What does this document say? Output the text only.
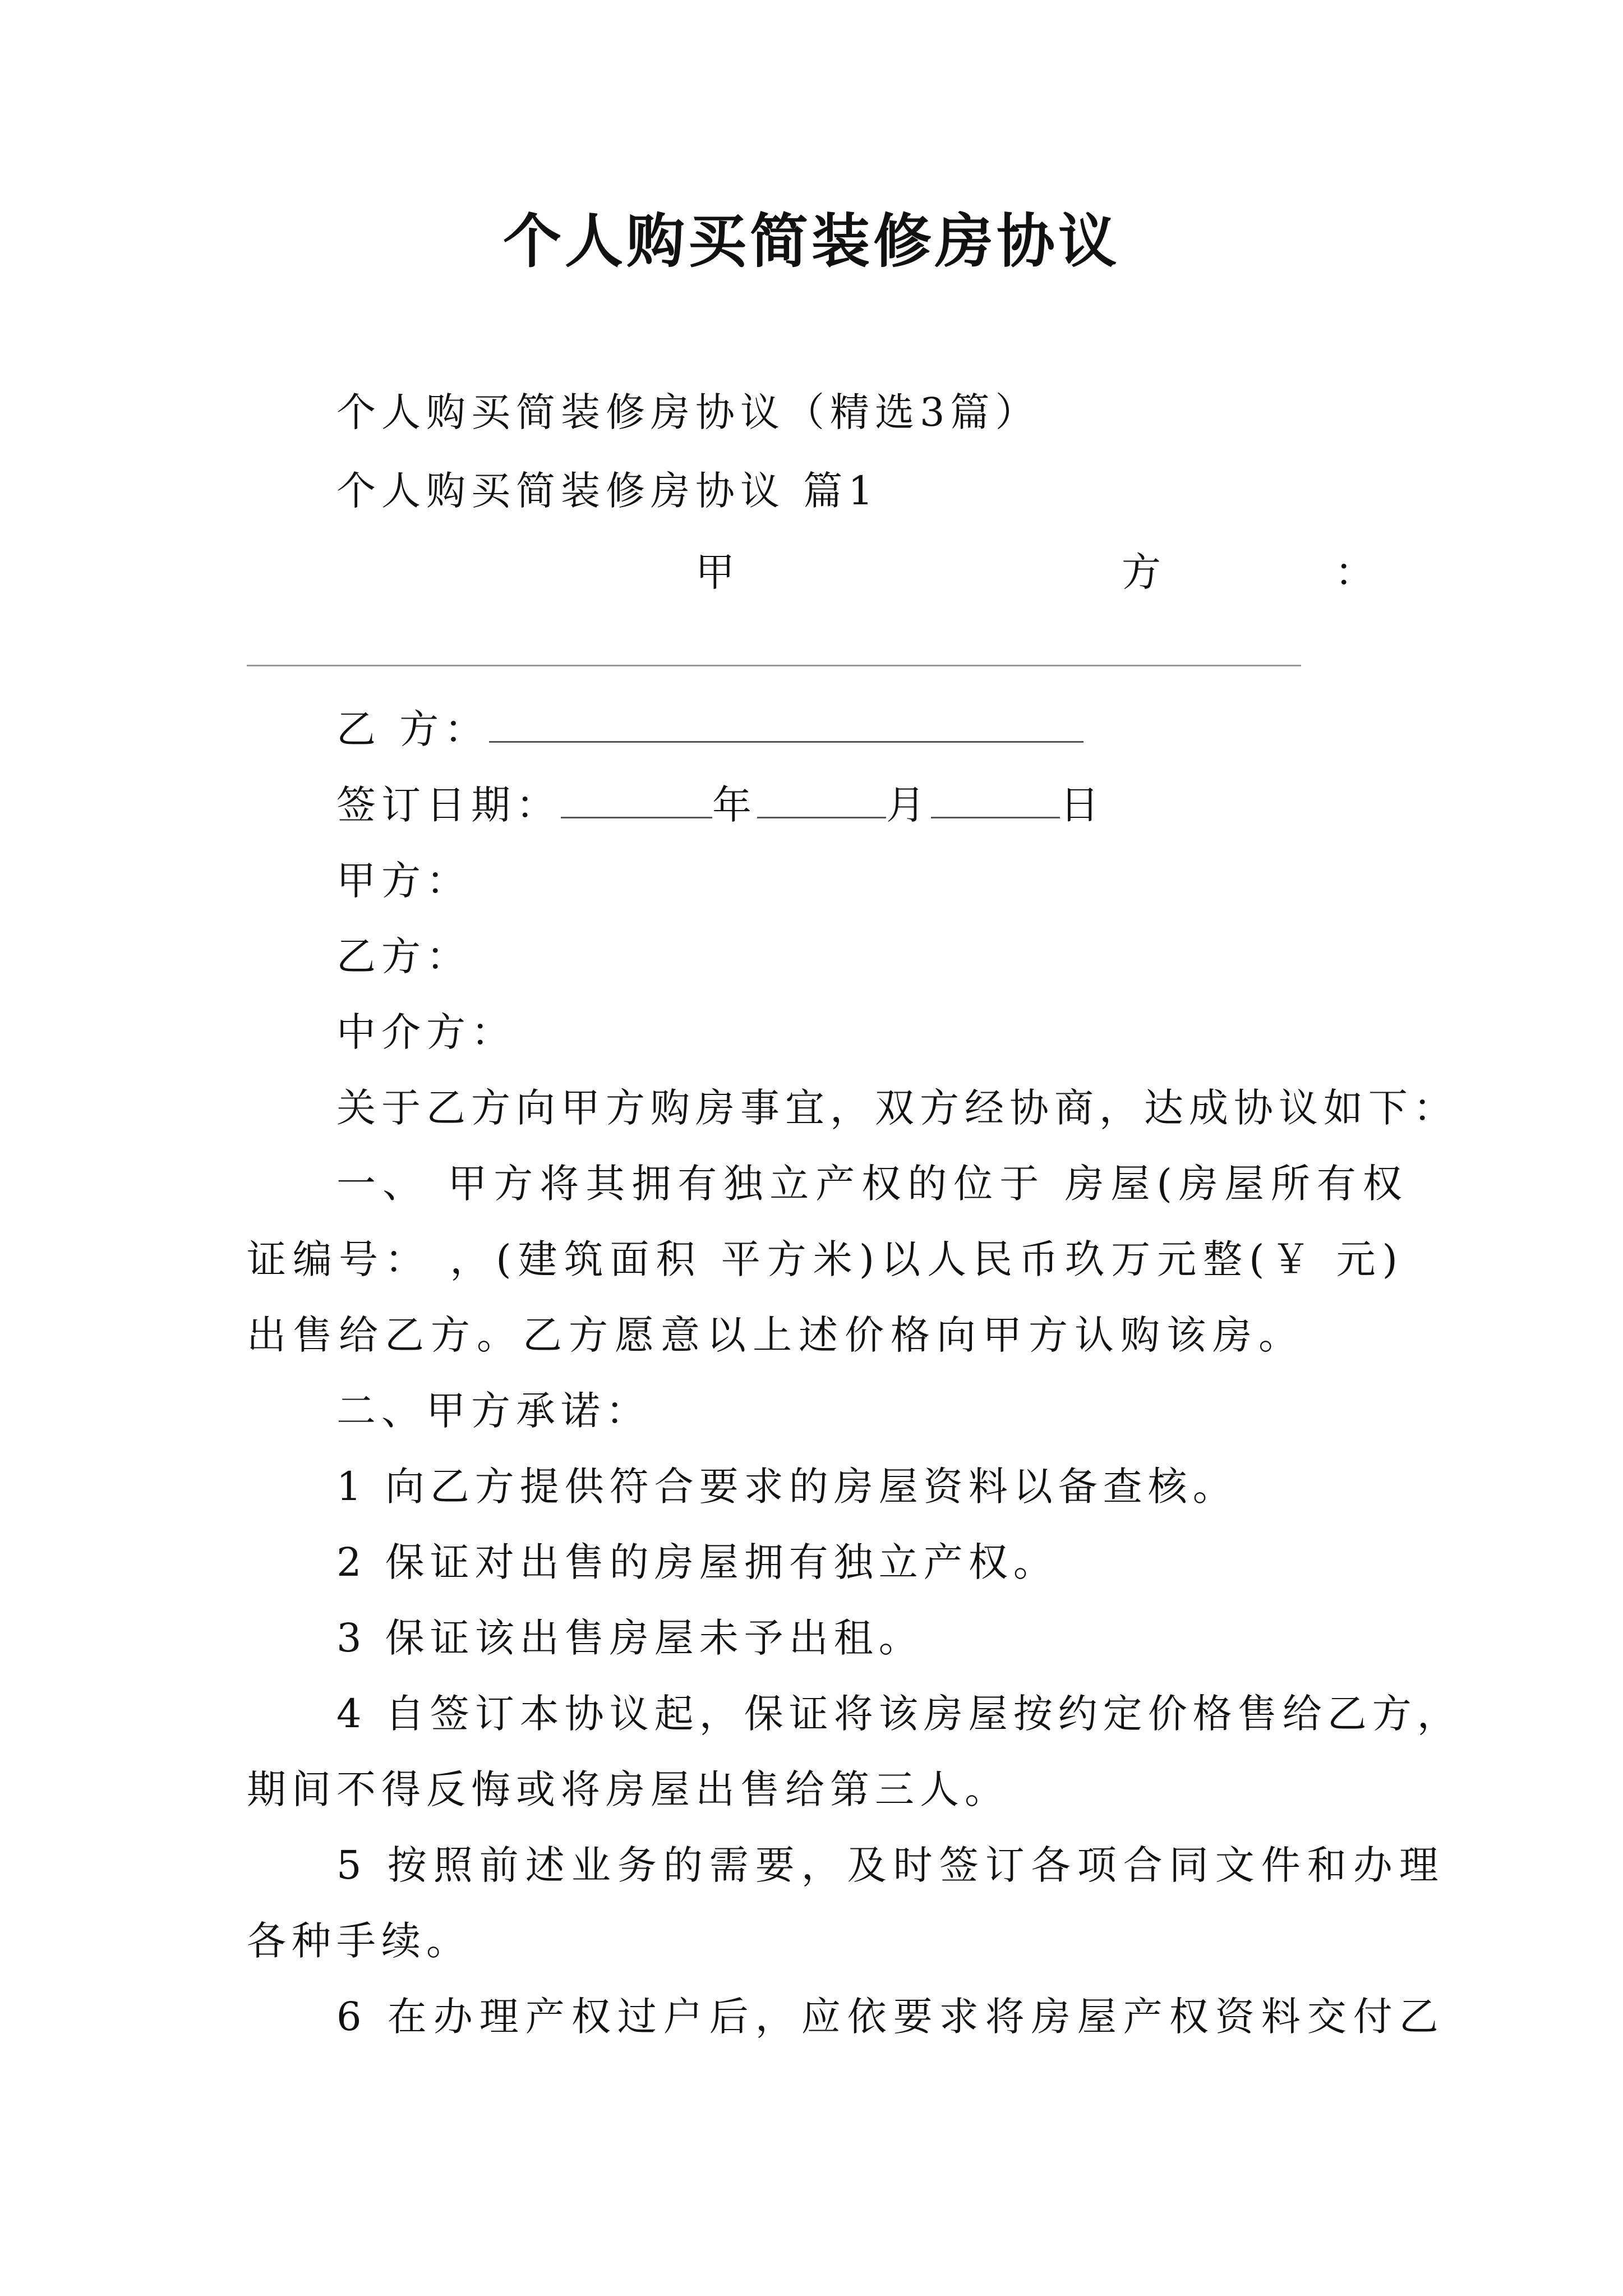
个人购买简装修房协议
个人购买简装修房协议（精选3篇）
个人购买简装修房协议 篇1
甲	方	：
乙 方：
签订日期：	年	月	日
甲方：
乙方：
中介方：
关于乙方向甲方购房事宜，双方经协商，达成协议如下：
一、 甲方将其拥有独立产权的位于 房屋(房屋所有权
证编号： ，(建筑面积 平方米)以人民币玖万元整(￥ 元)
出售给乙方。乙方愿意以上述价格向甲方认购该房。
二、甲方承诺：
1 向乙方提供符合要求的房屋资料以备查核。
2 保证对出售的房屋拥有独立产权。
3 保证该出售房屋未予出租。
4 自签订本协议起，保证将该房屋按约定价格售给乙方，
期间不得反悔或将房屋出售给第三人。
5 按照前述业务的需要，及时签订各项合同文件和办理
各种手续。
6 在办理产权过户后，应依要求将房屋产权资料交付乙
